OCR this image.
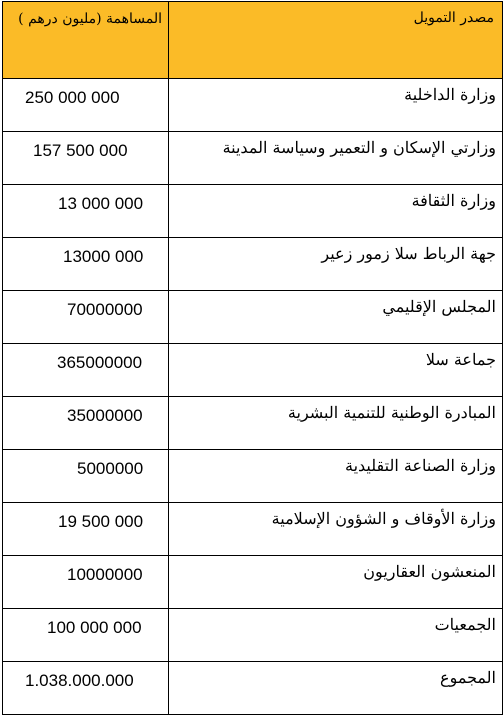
مصدر التمويل	المساهمة (مليون درهم )
وزارة الداخلية	250 000 000
وزارتي الإسكان و التعمير وسياسة المدينة	157 500 000
وزارة الثقافة	13 000 000
جهة الرباط سلا زمور زعير	13000 000
المجلس الإقليمي	70000000
جماعة سلا	365000000
المبادرة الوطنية للتنمية البشرية	35000000
وزارة الصناعة التقليدية	5000000
وزارة الأوقاف و الشؤون الإسلامية	19 500 000
المنعشون العقاريون	10000000
الجمعيات	100 000 000
المجموع	1.038.000.000
